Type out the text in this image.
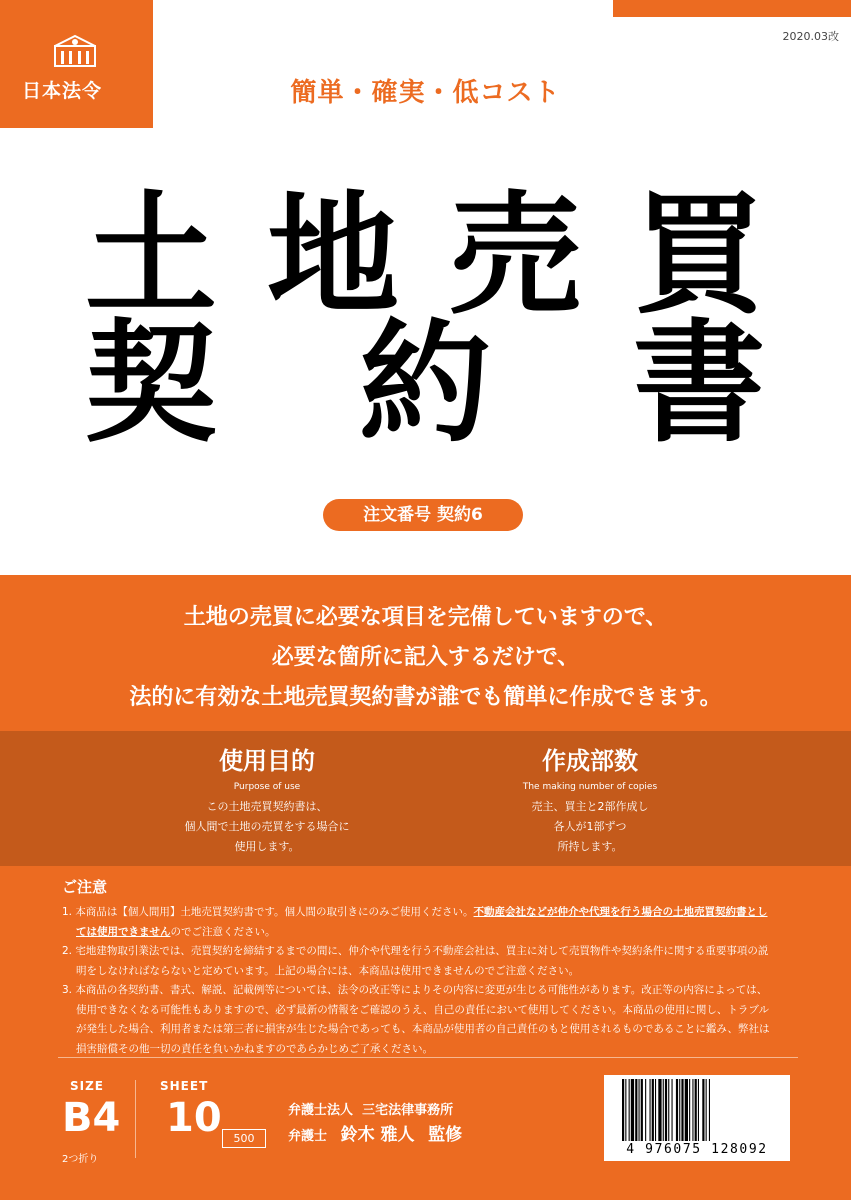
日本法令
2020.03改
簡単・確実・低コスト
土 地 売 買
契 約 書
注文番号 契約6
土地の売買に必要な項目を完備していますので、
必要な箇所に記入するだけで、
法的に有効な土地売買契約書が誰でも簡単に作成できます。
使用目的
Purpose of use
この土地売買契約書は、
個人間で土地の売買をする場合に
使用します。
作成部数
The making number of copies
売主、買主と2部作成し
各人が1部ずつ
所持します。
ご注意
1. 本商品は【個人間用】土地売買契約書です。個人間の取引きにのみご使用ください。不動産会社などが仲介や代理を行う場合の土地売買契約書としては使用できませんのでご注意ください。
2. 宅地建物取引業法では、売買契約を締結するまでの間に、仲介や代理を行う不動産会社は、買主に対して売買物件や契約条件に関する重要事項の説明をしなければならないと定めています。上記の場合には、本商品は使用できませんのでご注意ください。
3. 本商品の各契約書、書式、解説、記載例等については、法令の改正等によりその内容に変更が生じる可能性があります。改正等の内容によっては、使用できなくなる可能性もありますので、必ず最新の情報をご確認のうえ、自己の責任において使用してください。本商品の使用に関し、トラブルが発生した場合、利用者または第三者に損害が生じた場合であっても、本商品が使用者の自己責任のもと使用されるものであることに鑑み、弊社は損害賠償その他一切の責任を負いかねますのであらかじめご了承ください。
SIZE
B4
2つ折り
SHEET
10	500
弁護士法人 三宅法律事務所
弁護士 鈴木 雅人 監修
4 976075 128092
